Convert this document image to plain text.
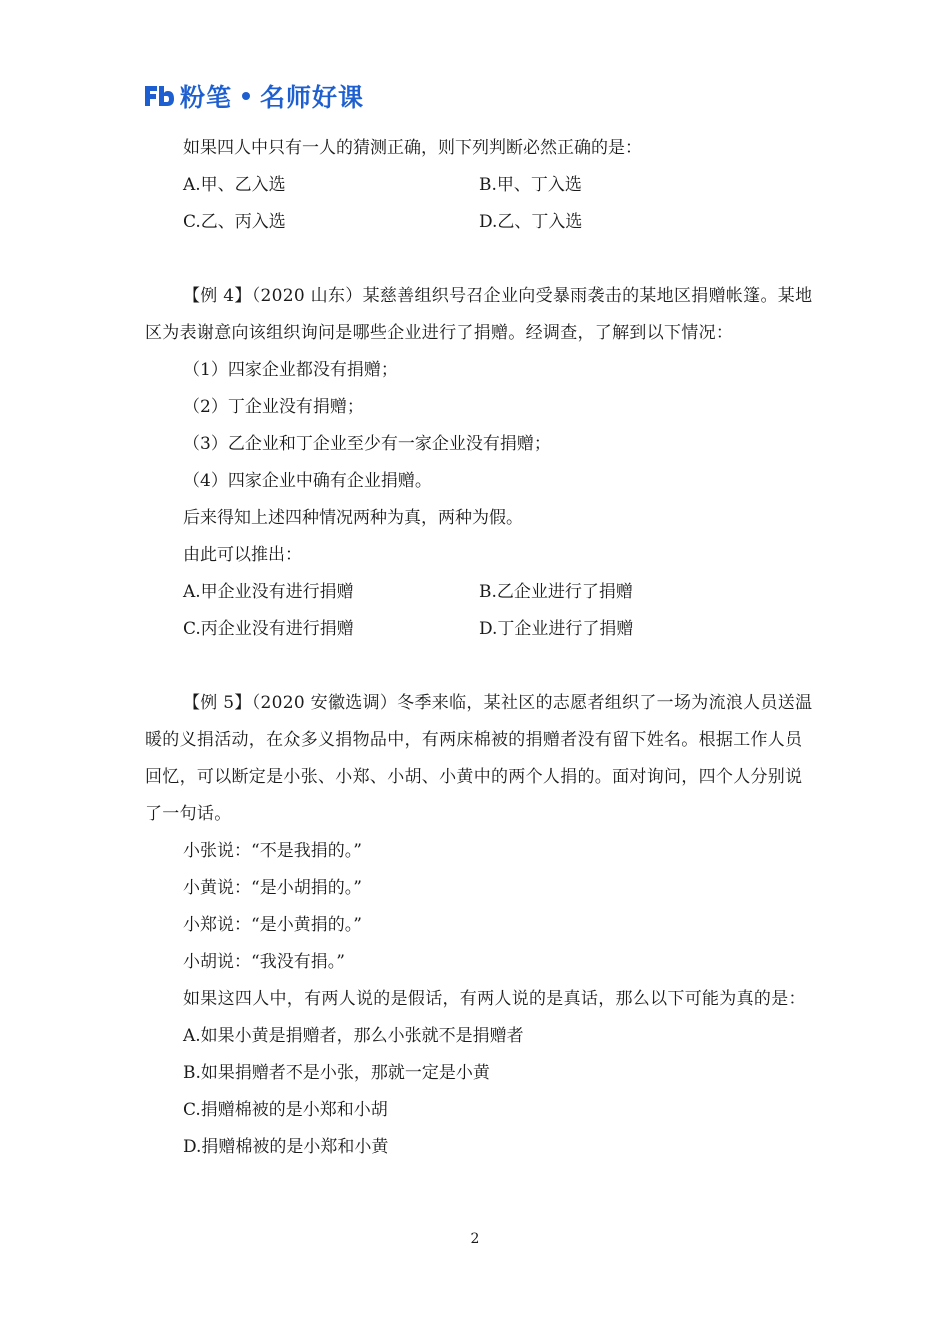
粉笔 名师好课
如果四人中只有一人的猜测正确，则下列判断必然正确的是：
A.甲、乙入选	B.甲、丁入选
C.乙、丙入选	D.乙、丁入选
【例 4】（2020 山东）某慈善组织号召企业向受暴雨袭击的某地区捐赠帐篷。某地区为表谢意向该组织询问是哪些企业进行了捐赠。经调查，了解到以下情况：
（1）四家企业都没有捐赠；
（2）丁企业没有捐赠；
（3）乙企业和丁企业至少有一家企业没有捐赠；
（4）四家企业中确有企业捐赠。
后来得知上述四种情况两种为真，两种为假。
由此可以推出：
A.甲企业没有进行捐赠	B.乙企业进行了捐赠
C.丙企业没有进行捐赠	D.丁企业进行了捐赠
【例 5】（2020 安徽选调）冬季来临，某社区的志愿者组织了一场为流浪人员送温暖的义捐活动，在众多义捐物品中，有两床棉被的捐赠者没有留下姓名。根据工作人员回忆，可以断定是小张、小郑、小胡、小黄中的两个人捐的。面对询问，四个人分别说了一句话。
小张说：“不是我捐的。”
小黄说：“是小胡捐的。”
小郑说：“是小黄捐的。”
小胡说：“我没有捐。”
如果这四人中，有两人说的是假话，有两人说的是真话，那么以下可能为真的是：
A.如果小黄是捐赠者，那么小张就不是捐赠者
B.如果捐赠者不是小张，那就一定是小黄
C.捐赠棉被的是小郑和小胡
D.捐赠棉被的是小郑和小黄
2
